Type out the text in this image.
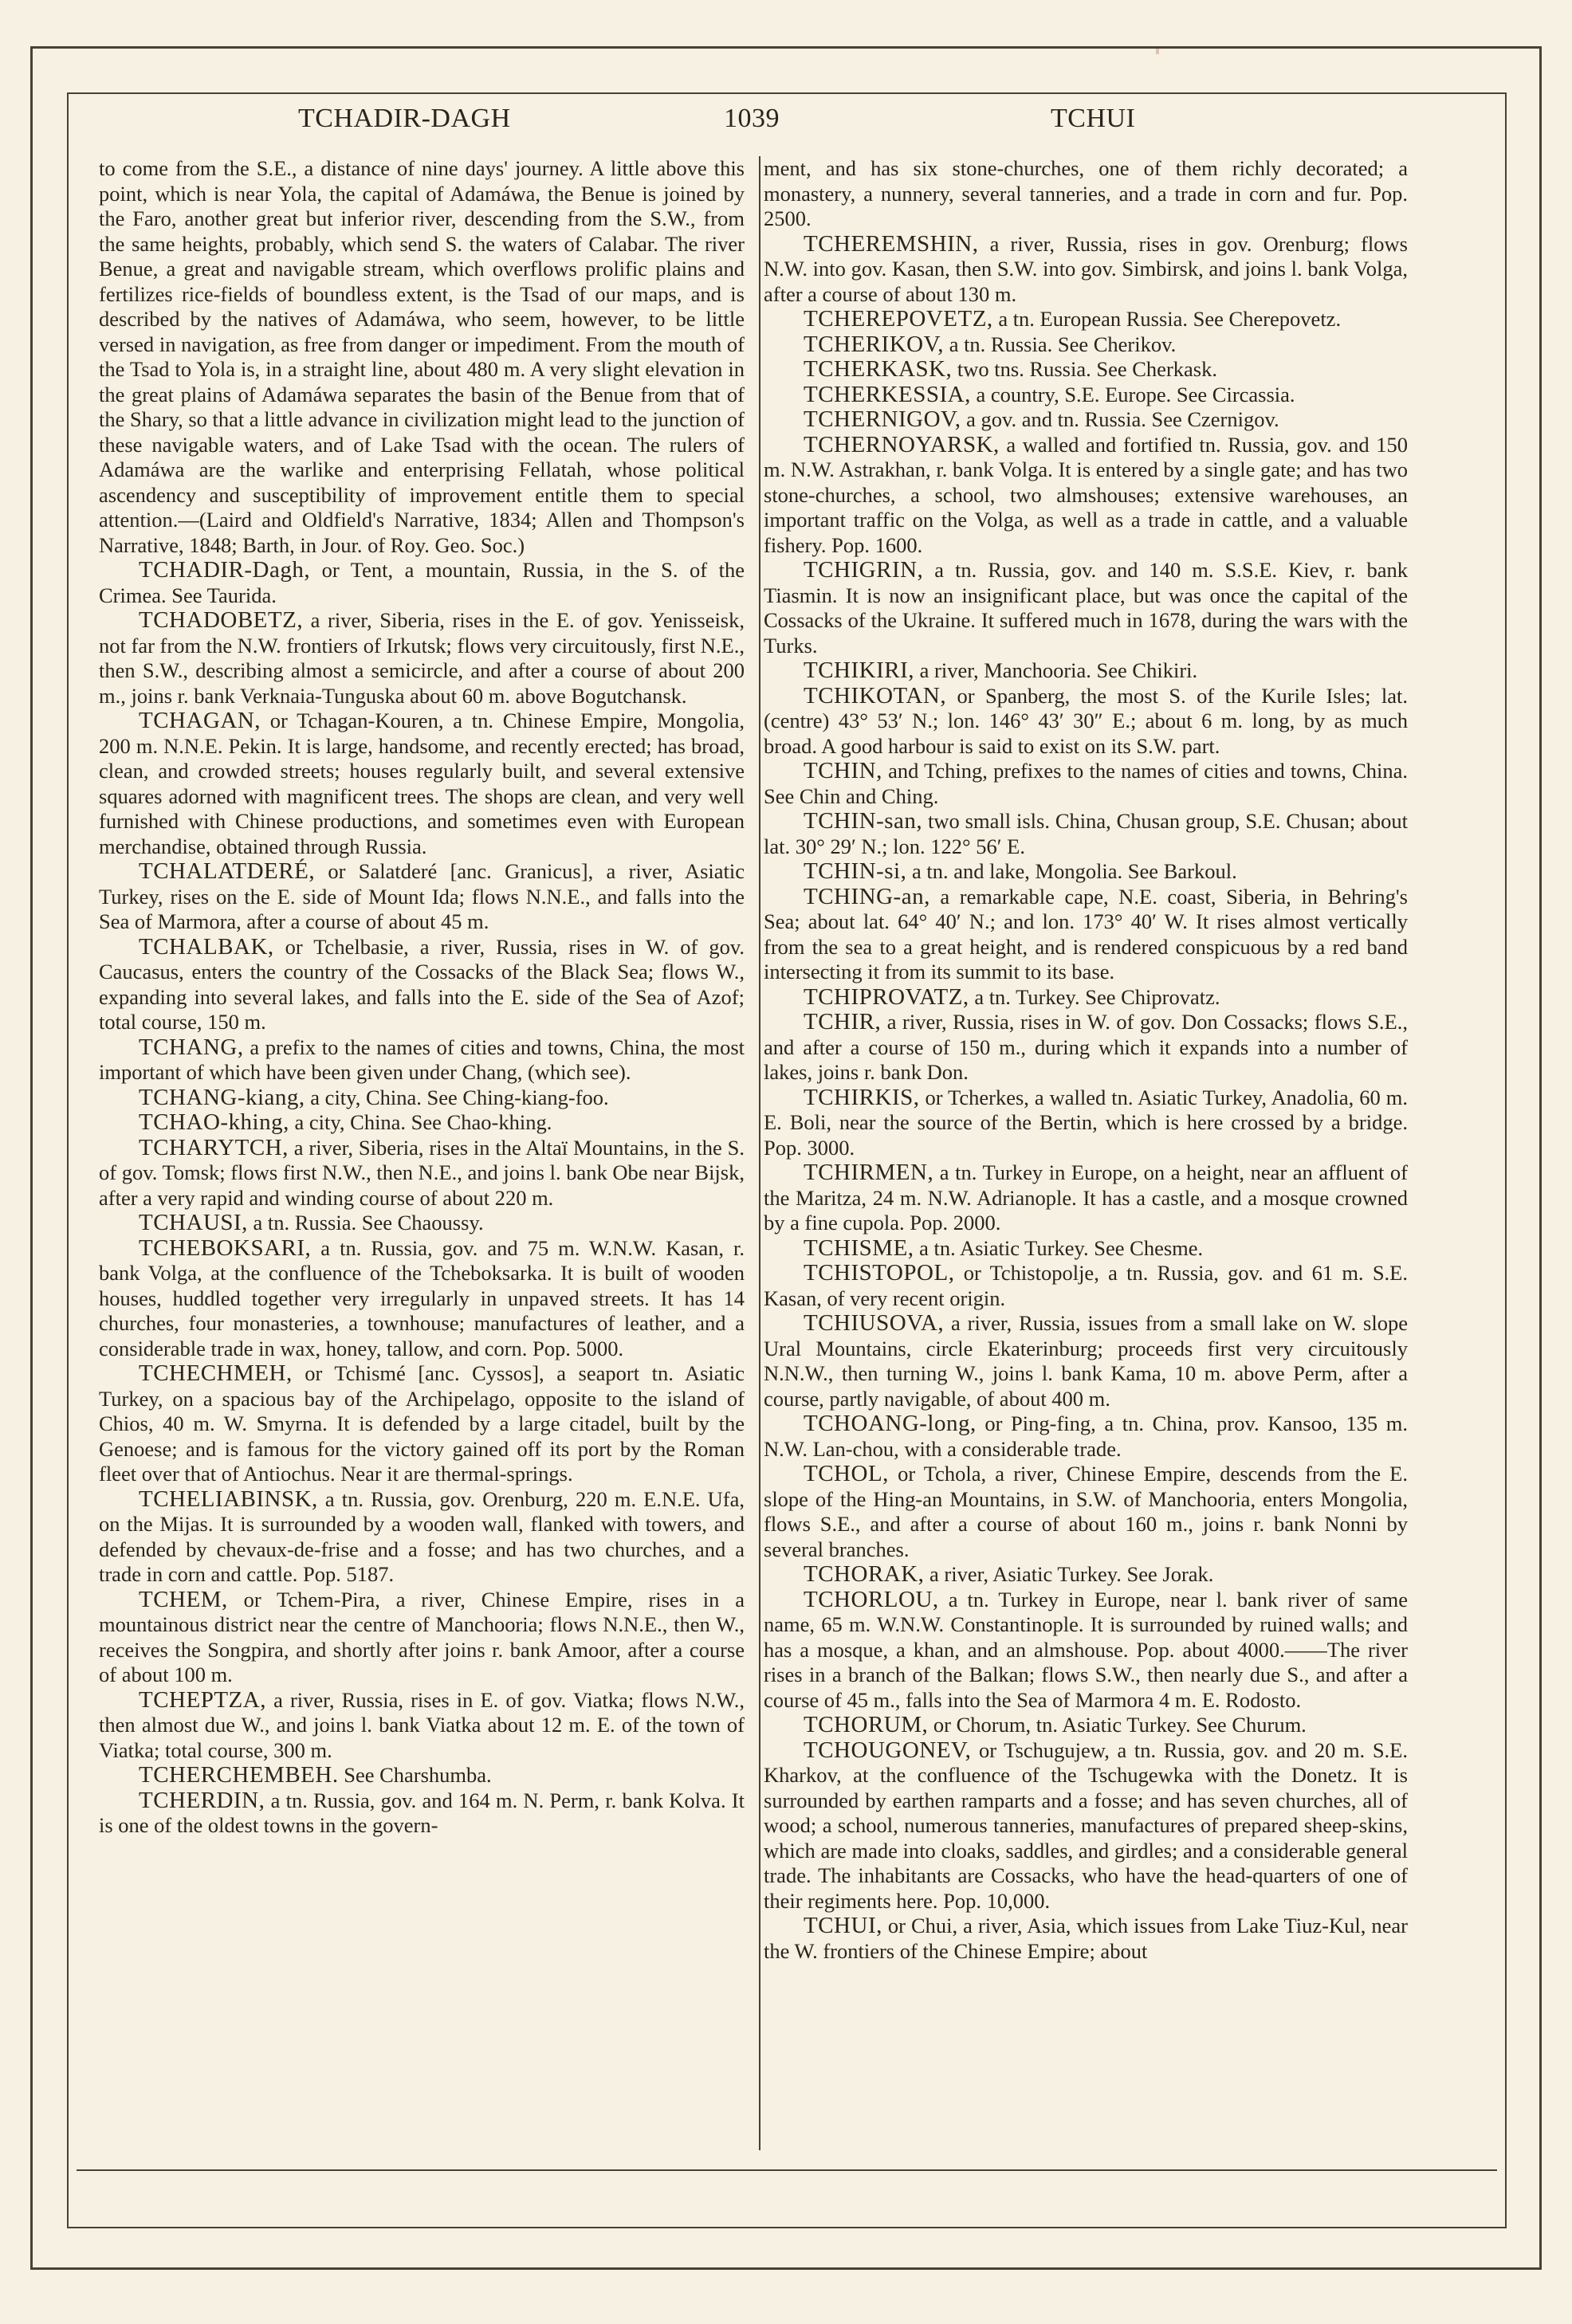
TCHADIR-DAGH	1039	TCHUI

to come from the S.E., a distance of nine days' journey. A little above this point, which is near Yola, the capital of Adamáwa, the Benue is joined by the Faro, another great but inferior river, descending from the S.W., from the same heights, probably, which send S. the waters of Calabar. The river Benue, a great and navigable stream, which overflows prolific plains and fertilizes rice-fields of boundless extent, is the Tsad of our maps, and is described by the natives of Adamáwa, who seem, however, to be little versed in navigation, as free from danger or impediment. From the mouth of the Tsad to Yola is, in a straight line, about 480 m. A very slight elevation in the great plains of Adamáwa separates the basin of the Benue from that of the Shary, so that a little advance in civilization might lead to the junction of these navigable waters, and of Lake Tsad with the ocean. The rulers of Adamáwa are the warlike and enterprising Fellatah, whose political ascendency and susceptibility of improvement entitle them to special attention.—(Laird and Oldfield's Narrative, 1834; Allen and Thompson's Narrative, 1848; Barth, in Jour. of Roy. Geo. Soc.)

TCHADIR-Dagh, or Tent, a mountain, Russia, in the S. of the Crimea. See Taurida.

TCHADOBETZ, a river, Siberia, rises in the E. of gov. Yenisseisk, not far from the N.W. frontiers of Irkutsk; flows very circuitously, first N.E., then S.W., describing almost a semicircle, and after a course of about 200 m., joins r. bank Verknaia-Tunguska about 60 m. above Bogutchansk.

TCHAGAN, or Tchagan-Kouren, a tn. Chinese Empire, Mongolia, 200 m. N.N.E. Pekin. It is large, handsome, and recently erected; has broad, clean, and crowded streets; houses regularly built, and several extensive squares adorned with magnificent trees. The shops are clean, and very well furnished with Chinese productions, and sometimes even with European merchandise, obtained through Russia.

TCHALATDERÉ, or Salatderé [anc. Granicus], a river, Asiatic Turkey, rises on the E. side of Mount Ida; flows N.N.E., and falls into the Sea of Marmora, after a course of about 45 m.

TCHALBAK, or Tchelbasie, a river, Russia, rises in W. of gov. Caucasus, enters the country of the Cossacks of the Black Sea; flows W., expanding into several lakes, and falls into the E. side of the Sea of Azof; total course, 150 m.

TCHANG, a prefix to the names of cities and towns, China, the most important of which have been given under Chang, (which see).

TCHANG-kiang, a city, China. See Ching-kiang-foo.

TCHAO-khing, a city, China. See Chao-khing.

TCHARYTCH, a river, Siberia, rises in the Altaï Mountains, in the S. of gov. Tomsk; flows first N.W., then N.E., and joins l. bank Obe near Bijsk, after a very rapid and winding course of about 220 m.

TCHAUSI, a tn. Russia. See Chaoussy.

TCHEBOKSARI, a tn. Russia, gov. and 75 m. W.N.W. Kasan, r. bank Volga, at the confluence of the Tcheboksarka. It is built of wooden houses, huddled together very irregularly in unpaved streets. It has 14 churches, four monasteries, a townhouse; manufactures of leather, and a considerable trade in wax, honey, tallow, and corn. Pop. 5000.

TCHECHMEH, or Tchismé [anc. Cyssos], a seaport tn. Asiatic Turkey, on a spacious bay of the Archipelago, opposite to the island of Chios, 40 m. W. Smyrna. It is defended by a large citadel, built by the Genoese; and is famous for the victory gained off its port by the Roman fleet over that of Antiochus. Near it are thermal-springs.

TCHELIABINSK, a tn. Russia, gov. Orenburg, 220 m. E.N.E. Ufa, on the Mijas. It is surrounded by a wooden wall, flanked with towers, and defended by chevaux-de-frise and a fosse; and has two churches, and a trade in corn and cattle. Pop. 5187.

TCHEM, or Tchem-Pira, a river, Chinese Empire, rises in a mountainous district near the centre of Manchooria; flows N.N.E., then W., receives the Songpira, and shortly after joins r. bank Amoor, after a course of about 100 m.

TCHEPTZA, a river, Russia, rises in E. of gov. Viatka; flows N.W., then almost due W., and joins l. bank Viatka about 12 m. E. of the town of Viatka; total course, 300 m.

TCHERCHEMBEH. See Charshumba.

TCHERDIN, a tn. Russia, gov. and 164 m. N. Perm, r. bank Kolva. It is one of the oldest towns in the govern-

ment, and has six stone-churches, one of them richly decorated; a monastery, a nunnery, several tanneries, and a trade in corn and fur. Pop. 2500.

TCHEREMSHIN, a river, Russia, rises in gov. Orenburg; flows N.W. into gov. Kasan, then S.W. into gov. Simbirsk, and joins l. bank Volga, after a course of about 130 m.

TCHEREPOVETZ, a tn. European Russia. See Cherepovetz.

TCHERIKOV, a tn. Russia. See Cherikov.

TCHERKASK, two tns. Russia. See Cherkask.

TCHERKESSIA, a country, S.E. Europe. See Circassia.

TCHERNIGOV, a gov. and tn. Russia. See Czernigov.

TCHERNOYARSK, a walled and fortified tn. Russia, gov. and 150 m. N.W. Astrakhan, r. bank Volga. It is entered by a single gate; and has two stone-churches, a school, two almshouses; extensive warehouses, an important traffic on the Volga, as well as a trade in cattle, and a valuable fishery. Pop. 1600.

TCHIGRIN, a tn. Russia, gov. and 140 m. S.S.E. Kiev, r. bank Tiasmin. It is now an insignificant place, but was once the capital of the Cossacks of the Ukraine. It suffered much in 1678, during the wars with the Turks.

TCHIKIRI, a river, Manchooria. See Chikiri.

TCHIKOTAN, or Spanberg, the most S. of the Kurile Isles; lat. (centre) 43° 53′ N.; lon. 146° 43′ 30″ E.; about 6 m. long, by as much broad. A good harbour is said to exist on its S.W. part.

TCHIN, and Tching, prefixes to the names of cities and towns, China. See Chin and Ching.

TCHIN-san, two small isls. China, Chusan group, S.E. Chusan; about lat. 30° 29′ N.; lon. 122° 56′ E.

TCHIN-si, a tn. and lake, Mongolia. See Barkoul.

TCHING-an, a remarkable cape, N.E. coast, Siberia, in Behring's Sea; about lat. 64° 40′ N.; and lon. 173° 40′ W. It rises almost vertically from the sea to a great height, and is rendered conspicuous by a red band intersecting it from its summit to its base.

TCHIPROVATZ, a tn. Turkey. See Chiprovatz.

TCHIR, a river, Russia, rises in W. of gov. Don Cossacks; flows S.E., and after a course of 150 m., during which it expands into a number of lakes, joins r. bank Don.

TCHIRKIS, or Tcherkes, a walled tn. Asiatic Turkey, Anadolia, 60 m. E. Boli, near the source of the Bertin, which is here crossed by a bridge. Pop. 3000.

TCHIRMEN, a tn. Turkey in Europe, on a height, near an affluent of the Maritza, 24 m. N.W. Adrianople. It has a castle, and a mosque crowned by a fine cupola. Pop. 2000.

TCHISME, a tn. Asiatic Turkey. See Chesme.

TCHISTOPOL, or Tchistopolje, a tn. Russia, gov. and 61 m. S.E. Kasan, of very recent origin.

TCHIUSOVA, a river, Russia, issues from a small lake on W. slope Ural Mountains, circle Ekaterinburg; proceeds first very circuitously N.N.W., then turning W., joins l. bank Kama, 10 m. above Perm, after a course, partly navigable, of about 400 m.

TCHOANG-long, or Ping-fing, a tn. China, prov. Kansoo, 135 m. N.W. Lan-chou, with a considerable trade.

TCHOL, or Tchola, a river, Chinese Empire, descends from the E. slope of the Hing-an Mountains, in S.W. of Manchooria, enters Mongolia, flows S.E., and after a course of about 160 m., joins r. bank Nonni by several branches.

TCHORAK, a river, Asiatic Turkey. See Jorak.

TCHORLOU, a tn. Turkey in Europe, near l. bank river of same name, 65 m. W.N.W. Constantinople. It is surrounded by ruined walls; and has a mosque, a khan, and an almshouse. Pop. about 4000.——The river rises in a branch of the Balkan; flows S.W., then nearly due S., and after a course of 45 m., falls into the Sea of Marmora 4 m. E. Rodosto.

TCHORUM, or Chorum, tn. Asiatic Turkey. See Churum.

TCHOUGONEV, or Tschugujew, a tn. Russia, gov. and 20 m. S.E. Kharkov, at the confluence of the Tschugewka with the Donetz. It is surrounded by earthen ramparts and a fosse; and has seven churches, all of wood; a school, numerous tanneries, manufactures of prepared sheep-skins, which are made into cloaks, saddles, and girdles; and a considerable general trade. The inhabitants are Cossacks, who have the head-quarters of one of their regiments here. Pop. 10,000.

TCHUI, or Chui, a river, Asia, which issues from Lake Tiuz-Kul, near the W. frontiers of the Chinese Empire; about
